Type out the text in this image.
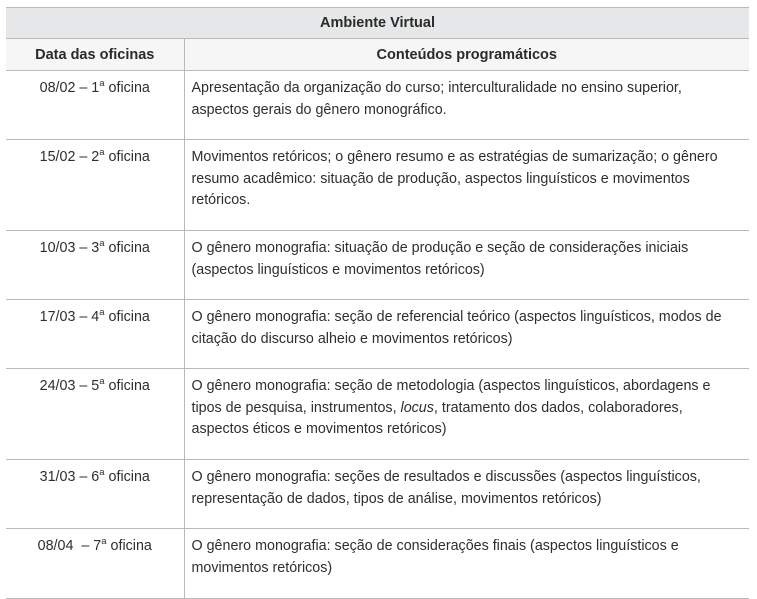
Ambiente Virtual	
Data das oficinas	Conteúdos programáticos
08/02 – 1$^a$ oficina	Apresentação da organização do curso; interculturalidade no ensino superior, aspectos gerais do gênero monográfico.
15/02 – 2$^a$ oficina	Movimentos retóricos; o gênero resumo e as estratégias de sumarização; o gênero resumo acadêmico: situação de produção, aspectos linguísticos e movimentos retóricos.
10/03 – 3$^a$ oficina	O gênero monografia: situação de produção e seção de considerações iniciais (aspectos linguísticos e movimentos retóricos)
17/03 – 4$^a$ oficina	O gênero monografia: seção de referencial teórico (aspectos linguísticos, modos de citação do discurso alheio e movimentos retóricos)
24/03 – 5$^a$ oficina	O gênero monografia: seção de metodologia (aspectos linguísticos, abordagens e tipos de pesquisa, instrumentos, locus, tratamento dos dados, colaboradores, aspectos éticos e movimentos retóricos)
31/03 – 6$^a$ oficina	O gênero monografia: seções de resultados e discussões (aspectos linguísticos, representação de dados, tipos de análise, movimentos retóricos)
08/04  – 7$^a$ oficina	O gênero monografia: seção de considerações finais (aspectos linguísticos e movimentos retóricos)
